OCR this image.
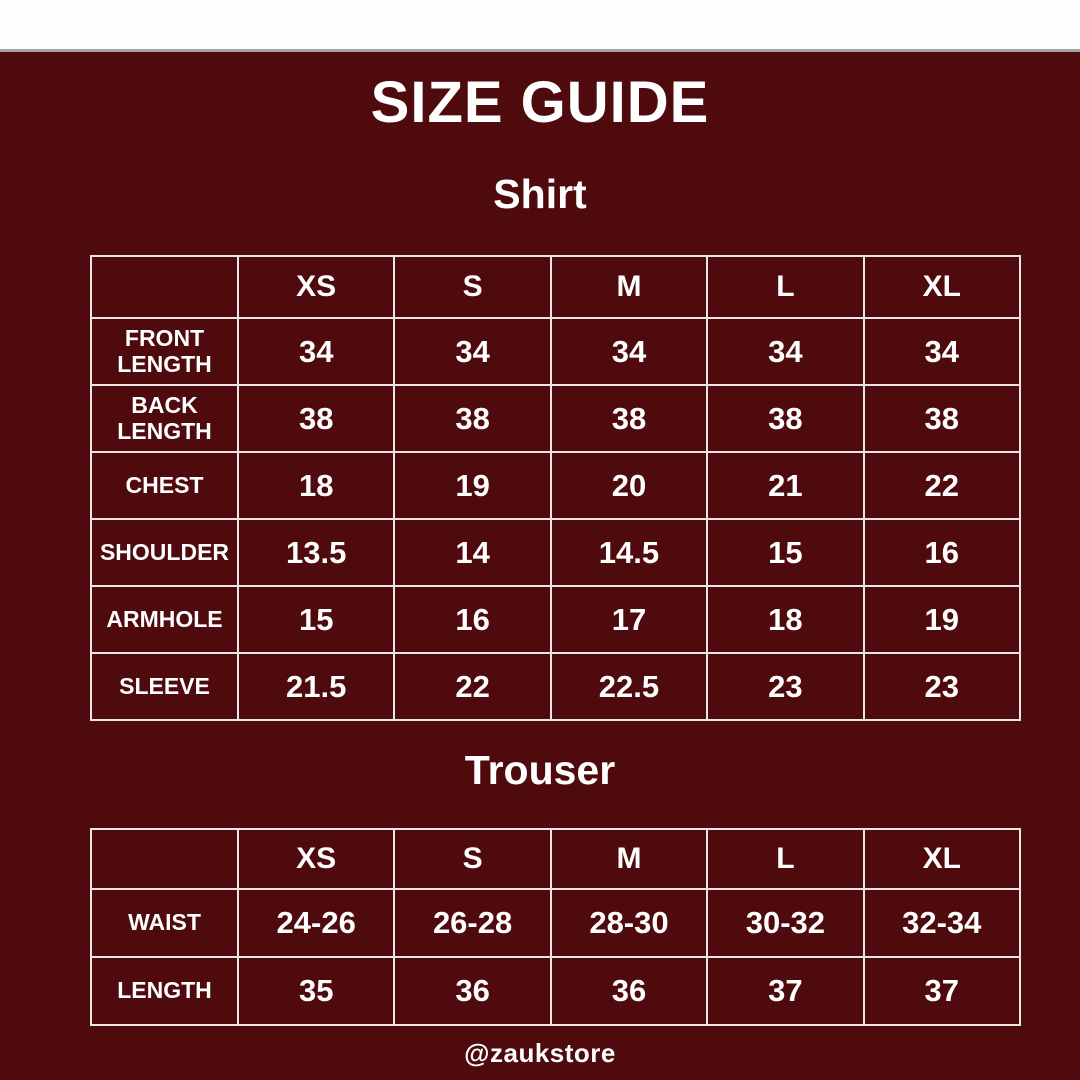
SIZE GUIDE
Shirt
	XS	S	M	L	XL
FRONT LENGTH	34	34	34	34	34
BACK LENGTH	38	38	38	38	38
CHEST	18	19	20	21	22
SHOULDER	13.5	14	14.5	15	16
ARMHOLE	15	16	17	18	19
SLEEVE	21.5	22	22.5	23	23
Trouser
	XS	S	M	L	XL
WAIST	24-26	26-28	28-30	30-32	32-34
LENGTH	35	36	36	37	37
@zaukstore
